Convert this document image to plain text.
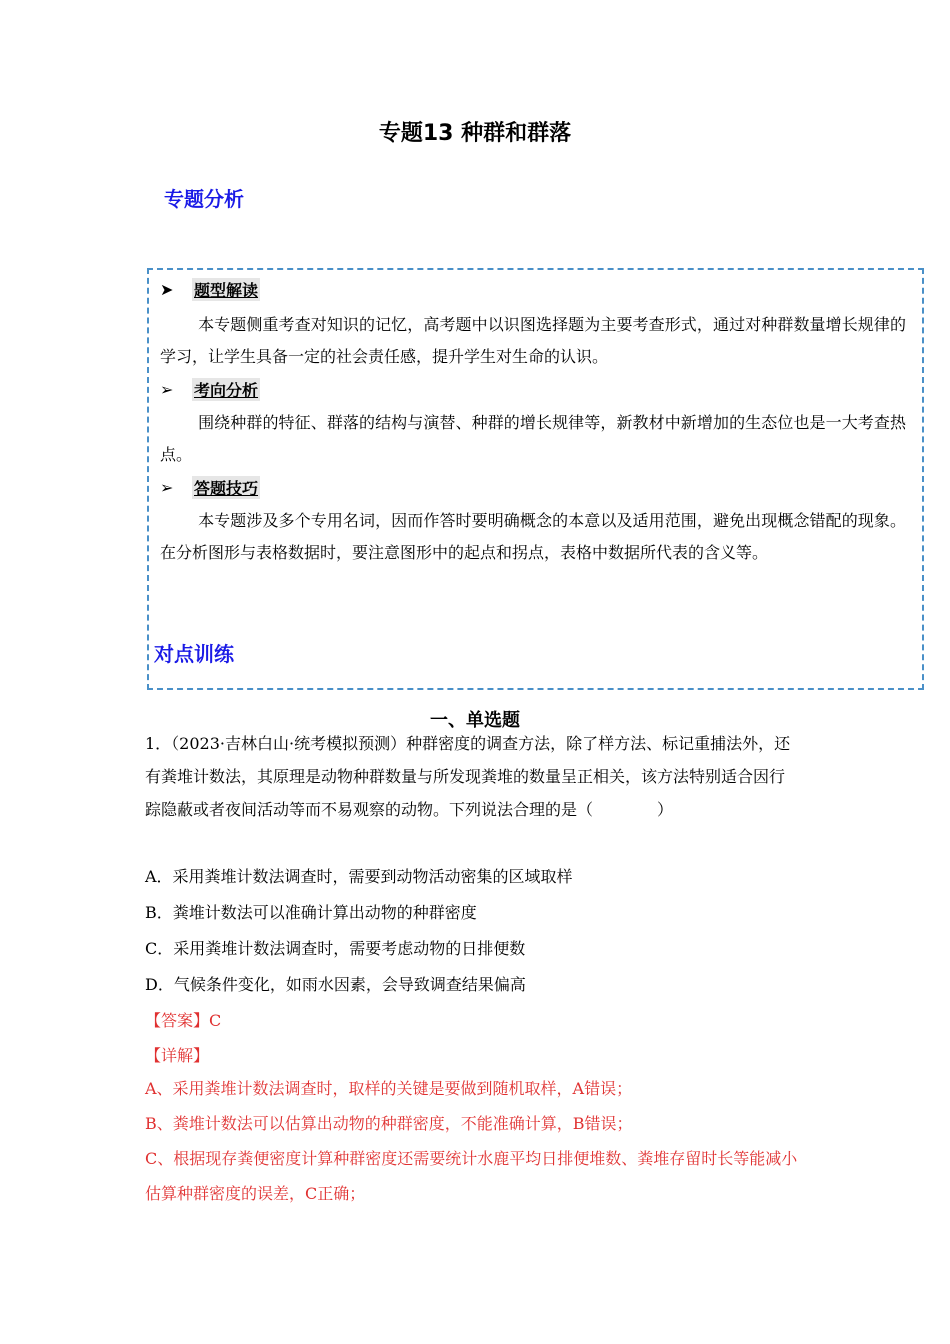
专题13 种群和群落
专题分析
➤	题型解读
本专题侧重考查对知识的记忆，高考题中以识图选择题为主要考查形式，通过对种群数量增长规律的学习，让学生具备一定的社会责任感，提升学生对生命的认识。
➢	考向分析
围绕种群的特征、群落的结构与演替、种群的增长规律等，新教材中新增加的生态位也是一大考查热点。
➢	答题技巧
本专题涉及多个专用名词，因而作答时要明确概念的本意以及适用范围，避免出现概念错配的现象。在分析图形与表格数据时，要注意图形中的起点和拐点，表格中数据所代表的含义等。
对点训练
一、单选题
1．（2023·吉林白山·统考模拟预测）种群密度的调查方法，除了样方法、标记重捕法外，还有粪堆计数法，其原理是动物种群数量与所发现粪堆的数量呈正相关，该方法特别适合因行踪隐蔽或者夜间活动等而不易观察的动物。下列说法合理的是（　　　　）
A．采用粪堆计数法调查时，需要到动物活动密集的区域取样
B．粪堆计数法可以准确计算出动物的种群密度
C．采用粪堆计数法调查时，需要考虑动物的日排便数
D．气候条件变化，如雨水因素，会导致调查结果偏高
【答案】C
【详解】
A、采用粪堆计数法调查时，取样的关键是要做到随机取样，A错误；
B、粪堆计数法可以估算出动物的种群密度，不能准确计算，B错误；
C、根据现存粪便密度计算种群密度还需要统计水鹿平均日排便堆数、粪堆存留时长等能减小估算种群密度的误差，C正确；
